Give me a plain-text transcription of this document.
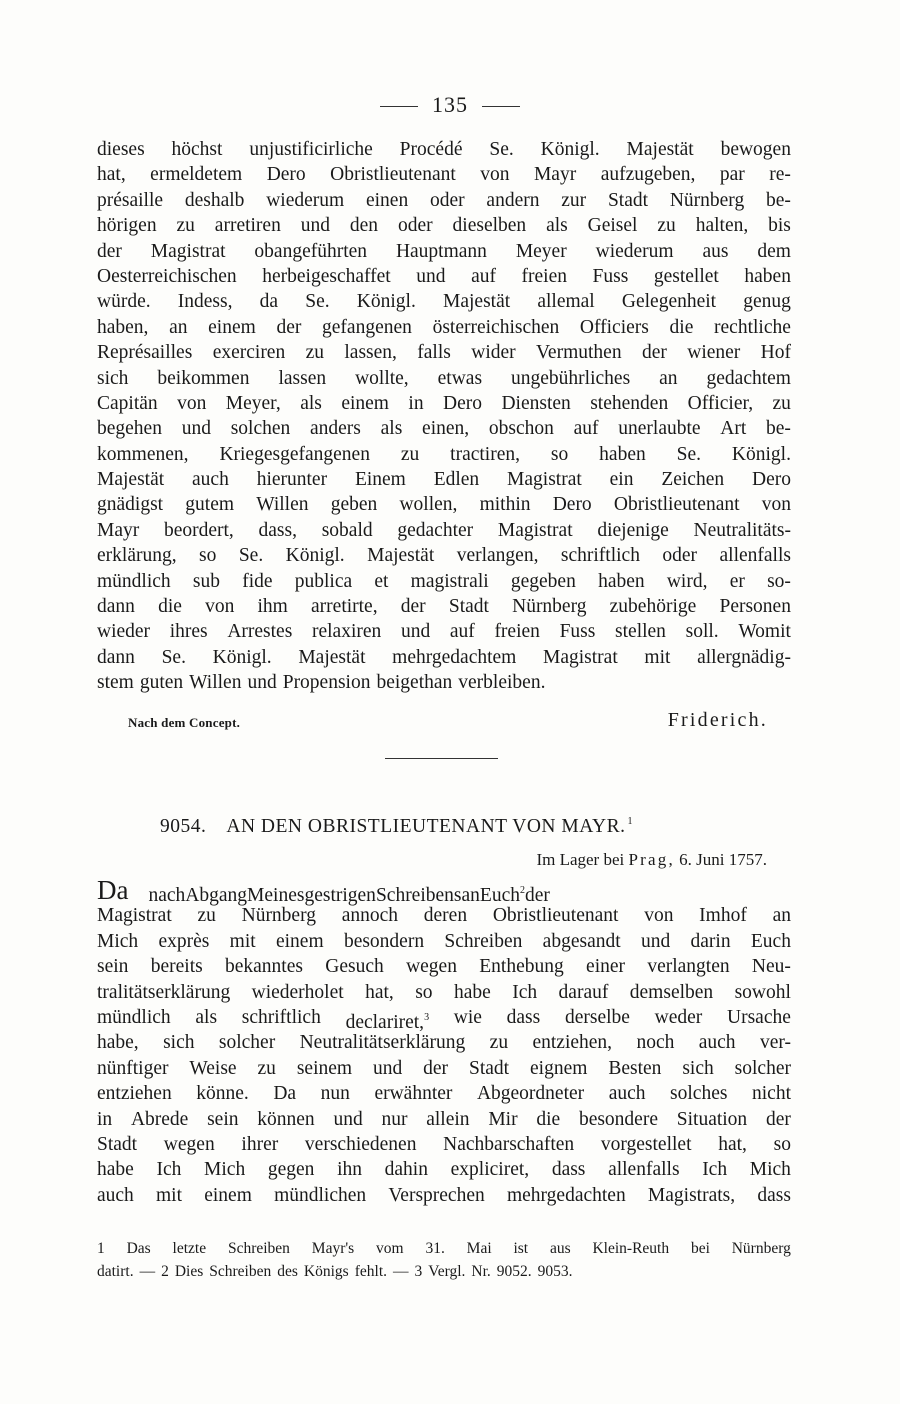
135
dieses höchst unjustificirliche Procédé Se. Königl. Majestät bewogen
hat, ermeldetem Dero Obristlieutenant von Mayr aufzugeben, par re-
présaille deshalb wiederum einen oder andern zur Stadt Nürnberg be-
hörigen zu arretiren und den oder dieselben als Geisel zu halten, bis
der Magistrat obangeführten Hauptmann Meyer wiederum aus dem
Oesterreichischen herbeigeschaffet und auf freien Fuss gestellet haben
würde. Indess, da Se. Königl. Majestät allemal Gelegenheit genug
haben, an einem der gefangenen österreichischen Officiers die rechtliche
Représailles exerciren zu lassen, falls wider Vermuthen der wiener Hof
sich beikommen lassen wollte, etwas ungebührliches an gedachtem
Capitän von Meyer, als einem in Dero Diensten stehenden Officier, zu
begehen und solchen anders als einen, obschon auf unerlaubte Art be-
kommenen, Kriegesgefangenen zu tractiren, so haben Se. Königl.
Majestät auch hierunter Einem Edlen Magistrat ein Zeichen Dero
gnädigst gutem Willen geben wollen, mithin Dero Obristlieutenant von
Mayr beordert, dass, sobald gedachter Magistrat diejenige Neutralitäts-
erklärung, so Se. Königl. Majestät verlangen, schriftlich oder allenfalls
mündlich sub fide publica et magistrali gegeben haben wird, er so-
dann die von ihm arretirte, der Stadt Nürnberg zubehörige Personen
wieder ihres Arrestes relaxiren und auf freien Fuss stellen soll. Womit
dann Se. Königl. Majestät mehrgedachtem Magistrat mit allergnädig-
stem guten Willen und Propension beigethan verbleiben.
Nach dem Concept.	Friderich.
9054. AN DEN OBRISTLIEUTENANT VON MAYR. $^1$
Im Lager bei Prag, 6. Juni 1757.
Da nachAbgangMeinesgestrigenSchreibensanEuch$^2$der
Magistrat zu Nürnberg annoch deren Obristlieutenant von Imhof an
Mich exprès mit einem besondern Schreiben abgesandt und darin Euch
sein bereits bekanntes Gesuch wegen Enthebung einer verlangten Neu-
tralitätserklärung wiederholet hat, so habe Ich darauf demselben sowohl
mündlich als schriftlich declariret,$^3$ wie dass derselbe weder Ursache
habe, sich solcher Neutralitätserklärung zu entziehen, noch auch ver-
nünftiger Weise zu seinem und der Stadt eignem Besten sich solcher
entziehen könne. Da nun erwähnter Abgeordneter auch solches nicht
in Abrede sein können und nur allein Mir die besondere Situation der
Stadt wegen ihrer verschiedenen Nachbarschaften vorgestellet hat, so
habe Ich Mich gegen ihn dahin expliciret, dass allenfalls Ich Mich
auch mit einem mündlichen Versprechen mehrgedachten Magistrats, dass
1 Das letzte Schreiben Mayr's vom 31. Mai ist aus Klein-Reuth bei Nürnberg
datirt. — 2 Dies Schreiben des Königs fehlt. — 3 Vergl. Nr. 9052. 9053.
